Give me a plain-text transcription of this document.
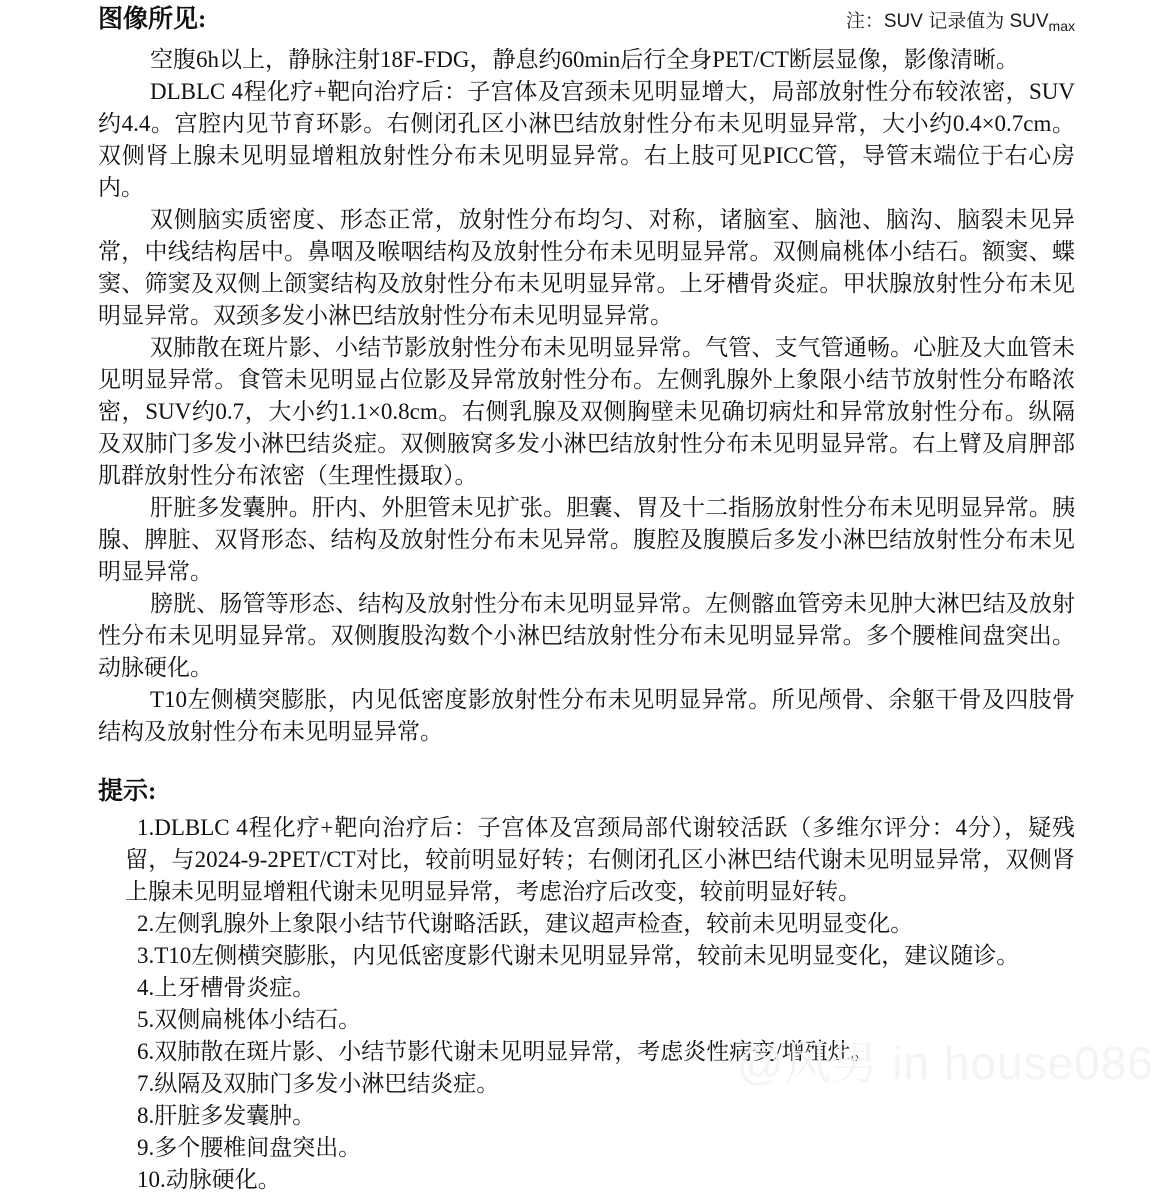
图像所见:	注：SUV 记录值为 $SUV_{max}$

空腹6h以上，静脉注射18F-FDG，静息约60min后行全身PET/CT断层显像，影像清晰。

DLBLC 4程化疗+靶向治疗后：子宫体及宫颈未见明显增大，局部放射性分布较浓密，SUV约4.4。宫腔内见节育环影。右侧闭孔区小淋巴结放射性分布未见明显异常，大小约0.4×0.7cm。双侧肾上腺未见明显增粗放射性分布未见明显异常。右上肢可见PICC管，导管末端位于右心房内。

双侧脑实质密度、形态正常，放射性分布均匀、对称，诸脑室、脑池、脑沟、脑裂未见异常，中线结构居中。鼻咽及喉咽结构及放射性分布未见明显异常。双侧扁桃体小结石。额窦、蝶窦、筛窦及双侧上颌窦结构及放射性分布未见明显异常。上牙槽骨炎症。甲状腺放射性分布未见明显异常。双颈多发小淋巴结放射性分布未见明显异常。

双肺散在斑片影、小结节影放射性分布未见明显异常。气管、支气管通畅。心脏及大血管未见明显异常。食管未见明显占位影及异常放射性分布。左侧乳腺外上象限小结节放射性分布略浓密，SUV约0.7，大小约1.1×0.8cm。右侧乳腺及双侧胸壁未见确切病灶和异常放射性分布。纵隔及双肺门多发小淋巴结炎症。双侧腋窝多发小淋巴结放射性分布未见明显异常。右上臂及肩胛部肌群放射性分布浓密（生理性摄取）。

肝脏多发囊肿。肝内、外胆管未见扩张。胆囊、胃及十二指肠放射性分布未见明显异常。胰腺、脾脏、双肾形态、结构及放射性分布未见异常。腹腔及腹膜后多发小淋巴结放射性分布未见明显异常。

膀胱、肠管等形态、结构及放射性分布未见明显异常。左侧髂血管旁未见肿大淋巴结及放射性分布未见明显异常。双侧腹股沟数个小淋巴结放射性分布未见明显异常。多个腰椎间盘突出。动脉硬化。

T10左侧横突膨胀，内见低密度影放射性分布未见明显异常。所见颅骨、余躯干骨及四肢骨结构及放射性分布未见明显异常。

提示:

1.DLBLC 4程化疗+靶向治疗后：子宫体及宫颈局部代谢较活跃（多维尔评分：4分），疑残留，与2024-9-2PET/CT对比，较前明显好转；右侧闭孔区小淋巴结代谢未见明显异常，双侧肾上腺未见明显增粗代谢未见明显异常，考虑治疗后改变，较前明显好转。

2.左侧乳腺外上象限小结节代谢略活跃，建议超声检查，较前未见明显变化。

3.T10左侧横突膨胀，内见低密度影代谢未见明显异常，较前未见明显变化，建议随诊。

4.上牙槽骨炎症。

5.双侧扁桃体小结石。

6.双肺散在斑片影、小结节影代谢未见明显异常，考虑炎性病变/增殖灶。

7.纵隔及双肺门多发小淋巴结炎症。

8.肝脏多发囊肿。

9.多个腰椎间盘突出。

10.动脉硬化。

@风男 in house086
